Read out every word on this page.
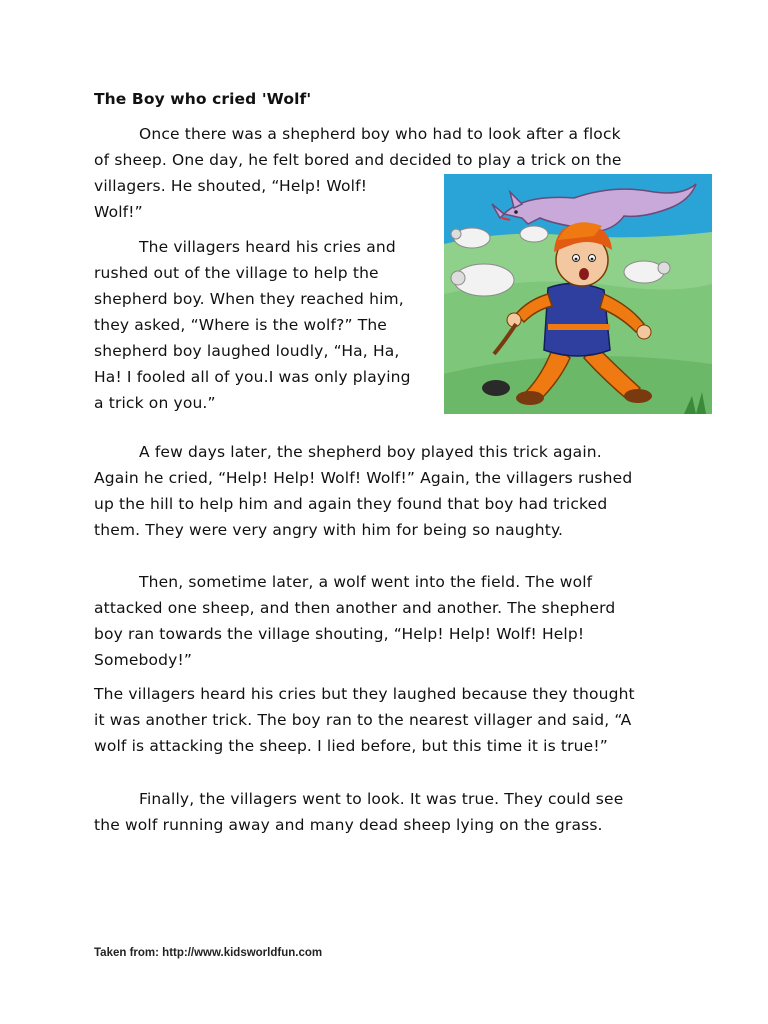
The Boy who cried 'Wolf'
Once there was a shepherd boy who had to look after a flock
of sheep. One day, he felt bored and decided to play a trick on the
villagers. He shouted, “Help! Wolf!
Wolf!”
The villagers heard his cries and
rushed out of the village to help the
shepherd boy. When they reached him,
they asked, “Where is the wolf?” The
shepherd boy laughed loudly, “Ha, Ha,
Ha! I fooled all of you.I was only playing
a trick on you.”
A few days later, the shepherd boy played this trick again.
Again he cried, “Help! Help! Wolf! Wolf!” Again, the villagers rushed
up the hill to help him and again they found that boy had tricked
them. They were very angry with him for being so naughty.
Then, sometime later, a wolf went into the field. The wolf
attacked one sheep, and then another and another. The shepherd
boy ran towards the village shouting, “Help! Help! Wolf! Help!
Somebody!”
The villagers heard his cries but they laughed because they thought
it was another trick. The boy ran to the nearest villager and said, “A
wolf is attacking the sheep. I lied before, but this time it is true!”
Finally, the villagers went to look. It was true. They could see
the wolf running away and many dead sheep lying on the grass.
Taken from: http://www.kidsworldfun.com
